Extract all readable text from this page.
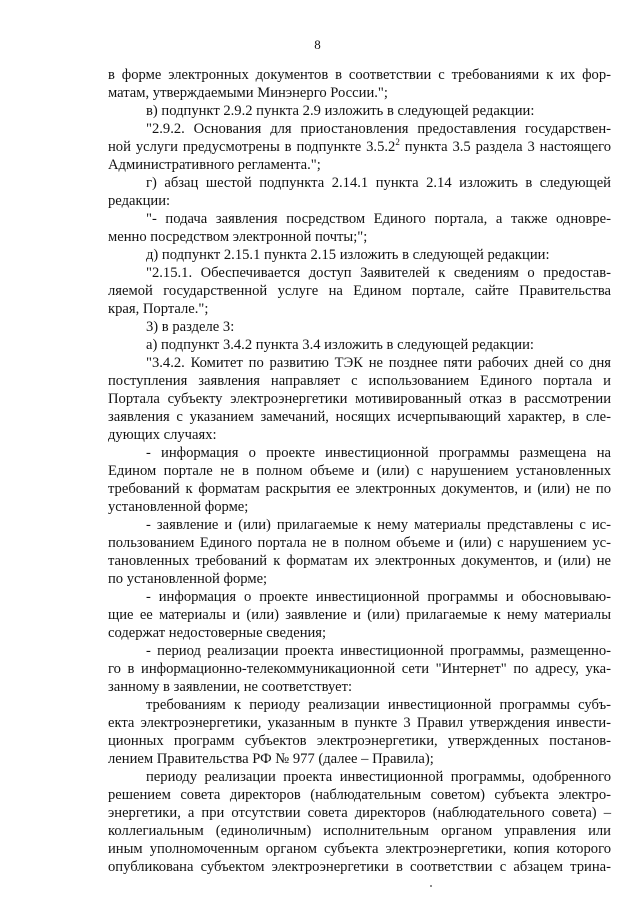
8
в форме электронных документов в соответствии с требованиями к их фор-
матам, утверждаемыми Минэнерго России.";
в) подпункт 2.9.2 пункта 2.9 изложить в следующей редакции:
"2.9.2. Основания для приостановления предоставления государствен-
ной услуги предусмотрены в подпункте 3.5.2$^2$ пункта 3.5 раздела 3 настоящего
Административного регламента.";
г) абзац шестой подпункта 2.14.1 пункта 2.14 изложить в следующей
редакции:
"- подача заявления посредством Единого портала, а также одновре-
менно посредством электронной почты;";
д) подпункт 2.15.1 пункта 2.15 изложить в следующей редакции:
"2.15.1. Обеспечивается доступ Заявителей к сведениям о предостав-
ляемой государственной услуге на Едином портале, сайте Правительства
края, Портале.";
3) в разделе 3:
а) подпункт 3.4.2 пункта 3.4 изложить в следующей редакции:
"3.4.2. Комитет по развитию ТЭК не позднее пяти рабочих дней со дня
поступления заявления направляет с использованием Единого портала и
Портала субъекту электроэнергетики мотивированный отказ в рассмотрении
заявления с указанием замечаний, носящих исчерпывающий характер, в сле-
дующих случаях:
- информация о проекте инвестиционной программы размещена на
Едином портале не в полном объеме и (или) с нарушением установленных
требований к форматам раскрытия ее электронных документов, и (или) не по
установленной форме;
- заявление и (или) прилагаемые к нему материалы представлены с ис-
пользованием Единого портала не в полном объеме и (или) с нарушением ус-
тановленных требований к форматам их электронных документов, и (или) не
по установленной форме;
- информация о проекте инвестиционной программы и обосновываю-
щие ее материалы и (или) заявление и (или) прилагаемые к нему материалы
содержат недостоверные сведения;
- период реализации проекта инвестиционной программы, размещенно-
го в информационно-телекоммуникационной сети "Интернет" по адресу, ука-
занному в заявлении, не соответствует:
требованиям к периоду реализации инвестиционной программы субъ-
екта электроэнергетики, указанным в пункте 3 Правил утверждения инвести-
ционных программ субъектов электроэнергетики, утвержденных постанов-
лением Правительства РФ № 977 (далее – Правила);
периоду реализации проекта инвестиционной программы, одобренного
решением совета директоров (наблюдательным советом) субъекта электро-
энергетики, а при отсутствии совета директоров (наблюдательного совета) –
коллегиальным (единоличным) исполнительным органом управления или
иным уполномоченным органом субъекта электроэнергетики, копия которого
опубликована субъектом электроэнергетики в соответствии с абзацем трина-
